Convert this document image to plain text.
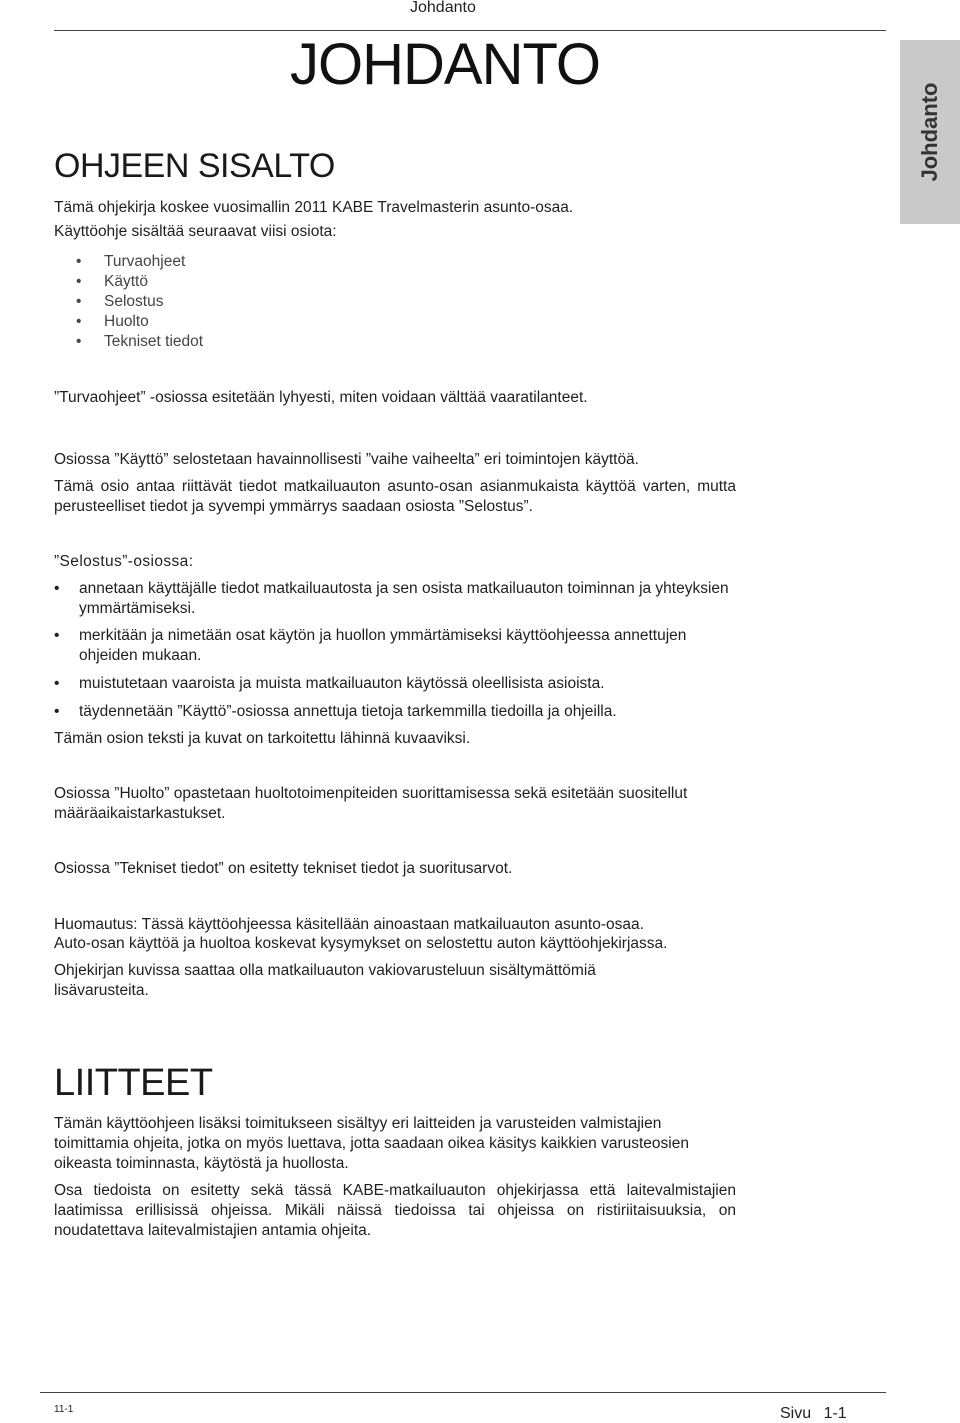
Johdanto
Johdanto
JOHDANTO
OHJEEN SISALTO

Tämä ohjekirja koskee vuosimallin 2011 KABE Travelmasterin asunto-osaa.

Käyttöohje sisältää seuraavat viisi osiota:

• Turvaohjeet
• Käyttö
• Selostus
• Huolto
• Tekniset tiedot

”Turvaohjeet” -osiossa esitetään lyhyesti, miten voidaan välttää vaaratilanteet.

Osiossa ”Käyttö” selostetaan havainnollisesti ”vaihe vaiheelta” eri toimintojen käyttöä.

Tämä osio antaa riittävät tiedot matkailuauton asunto-osan asianmukaista käyttöä varten, mutta perusteelliset tiedot ja syvempi ymmärrys saadaan osiosta ”Selostus”.

”Selostus”-osiossa:

• annetaan käyttäjälle tiedot matkailuautosta ja sen osista matkailuauton toiminnan ja yhteyksien ymmärtämiseksi.
• merkitään ja nimetään osat käytön ja huollon ymmärtämiseksi käyttöohjeessa annettujen ohjeiden mukaan.
• muistutetaan vaaroista ja muista matkailuauton käytössä oleellisista asioista.
• täydennetään ”Käyttö”-osiossa annettuja tietoja tarkemmilla tiedoilla ja ohjeilla.

Tämän osion teksti ja kuvat on tarkoitettu lähinnä kuvaaviksi.

Osiossa ”Huolto” opastetaan huoltotoimenpiteiden suorittamisessa sekä esitetään suositellut määräaikaistarkastukset.

Osiossa ”Tekniset tiedot” on esitetty tekniset tiedot ja suoritusarvot.

Huomautus: Tässä käyttöohjeessa käsitellään ainoastaan matkailuauton asunto-osaa.

Auto-osan käyttöä ja huoltoa koskevat kysymykset on selostettu auton käyttöohjekirjassa.

Ohjekirjan kuvissa saattaa olla matkailuauton vakiovarusteluun sisältymättömiä lisävarusteita.

LIITTEET

Tämän käyttöohjeen lisäksi toimitukseen sisältyy eri laitteiden ja varusteiden valmistajien toimittamia ohjeita, jotka on myös luettava, jotta saadaan oikea käsitys kaikkien varusteosien oikeasta toiminnasta, käytöstä ja huollosta.

Osa tiedoista on esitetty sekä tässä KABE-matkailuauton ohjekirjassa että laitevalmistajien laatimissa erillisissä ohjeissa. Mikäli näissä tiedoissa tai ohjeissa on ristiriitaisuuksia, on noudatettava laitevalmistajien antamia ohjeita.

11-1	Sivu 1-1
